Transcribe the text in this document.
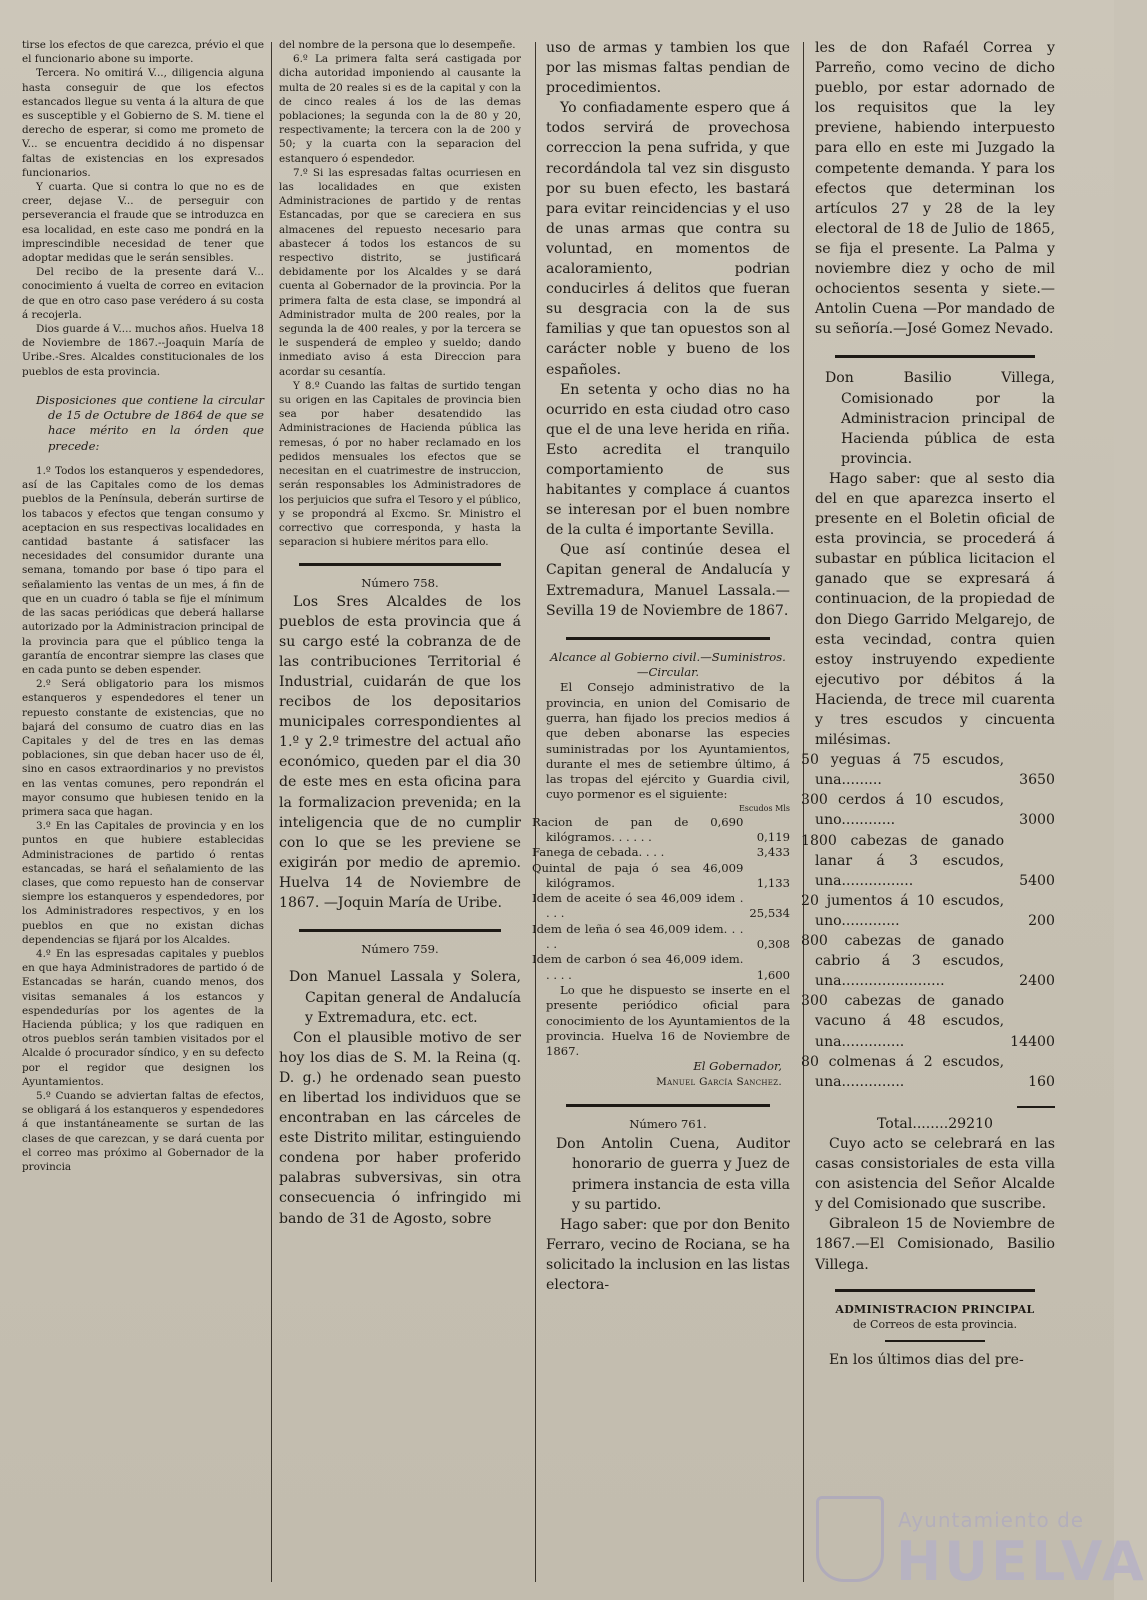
tirse los efectos de que carezca, prévio el que el funcionario abone su importe.

Tercera. No omitirá V..., diligencia alguna hasta conseguir de que los efectos estancados llegue su venta á la altura de que es susceptible y el Gobierno de S. M. tiene el derecho de esperar, si como me prometo de V... se encuentra decidido á no dispensar faltas de existencias en los expresados funcionarios.

Y cuarta. Que si contra lo que no es de creer, dejase V... de perseguir con perseverancia el fraude que se introduzca en esa localidad, en este caso me pondrá en la imprescindible necesidad de tener que adoptar medidas que le serán sensibles.

Del recibo de la presente dará V... conocimiento á vuelta de correo en evitacion de que en otro caso pase verédero á su costa á recojerla.

Dios guarde á V.... muchos años. Huelva 18 de Noviembre de 1867.--Joaquin María de Uribe.-Sres. Alcaldes constitucionales de los pueblos de esta provincia.

Disposiciones que contiene la circular de 15 de Octubre de 1864 de que se hace mérito en la órden que precede:

1.º Todos los estanqueros y espendedores, así de las Capitales como de los demas pueblos de la Península, deberán surtirse de los tabacos y efectos que tengan consumo y aceptacion en sus respectivas localidades en cantidad bastante á satisfacer las necesidades del consumidor durante una semana, tomando por base ó tipo para el señalamiento las ventas de un mes, á fin de que en un cuadro ó tabla se fije el mínimum de las sacas periódicas que deberá hallarse autorizado por la Administracion principal de la provincia para que el público tenga la garantía de encontrar siempre las clases que en cada punto se deben espender.

2.º Será obligatorio para los mismos estanqueros y espendedores el tener un repuesto constante de existencias, que no bajará del consumo de cuatro dias en las Capitales y del de tres en las demas poblaciones, sin que deban hacer uso de él, sino en casos extraordinarios y no previstos en las ventas comunes, pero repondrán el mayor consumo que hubiesen tenido en la primera saca que hagan.

3.º En las Capitales de provincia y en los puntos en que hubiere establecidas Administraciones de partido ó rentas estancadas, se hará el señalamiento de las clases, que como repuesto han de conservar siempre los estanqueros y espendedores, por los Administradores respectivos, y en los pueblos en que no existan dichas dependencias se fijará por los Alcaldes.

4.º En las espresadas capitales y pueblos en que haya Administradores de partido ó de Estancadas se harán, cuando menos, dos visitas semanales á los estancos y espendedurías por los agentes de la Hacienda pública; y los que radiquen en otros pueblos serán tambien visitados por el Alcalde ó procurador síndico, y en su defecto por el regidor que designen los Ayuntamientos.

5.º Cuando se adviertan faltas de efectos, se obligará á los estanqueros y espendedores á que instantáneamente se surtan de las clases de que carezcan, y se dará cuenta por el correo mas próximo al Gobernador de la provincia

del nombre de la persona que lo desempeñe.

6.º La primera falta será castigada por dicha autoridad imponiendo al causante la multa de 20 reales si es de la capital y con la de cinco reales á los de las demas poblaciones; la segunda con la de 80 y 20, respectivamente; la tercera con la de 200 y 50; y la cuarta con la separacion del estanquero ó espendedor.

7.º Si las espresadas faltas ocurriesen en las localidades en que existen Administraciones de partido y de rentas Estancadas, por que se careciera en sus almacenes del repuesto necesario para abastecer á todos los estancos de su respectivo distrito, se justificará debidamente por los Alcaldes y se dará cuenta al Gobernador de la provincia. Por la primera falta de esta clase, se impondrá al Administrador multa de 200 reales, por la segunda la de 400 reales, y por la tercera se le suspenderá de empleo y sueldo; dando inmediato aviso á esta Direccion para acordar su cesantía.

Y 8.º Cuando las faltas de surtido tengan su origen en las Capitales de provincia bien sea por haber desatendido las Administraciones de Hacienda pública las remesas, ó por no haber reclamado en los pedidos mensuales los efectos que se necesitan en el cuatrimestre de instruccion, serán responsables los Administradores de los perjuicios que sufra el Tesoro y el público, y se propondrá al Excmo. Sr. Ministro el correctivo que corresponda, y hasta la separacion si hubiere méritos para ello.

Número 758.

Los Sres Alcaldes de los pueblos de esta provincia que á su cargo esté la cobranza de de las contribuciones Territorial é Industrial, cuidarán de que los recibos de los depositarios municipales correspondientes al 1.º y 2.º trimestre del actual año económico, queden par el dia 30 de este mes en esta oficina para la formalizacion prevenida; en la inteligencia que de no cumplir con lo que se les previene se exigirán por medio de apremio. Huelva 14 de Noviembre de 1867. —Joquin María de Uribe.

Número 759.

Don Manuel Lassala y Solera, Capitan general de Andalucía y Extremadura, etc. ect.

Con el plausible motivo de ser hoy los dias de S. M. la Reina (q. D. g.) he ordenado sean puesto en libertad los individuos que se encontraban en las cárceles de este Distrito militar, estinguiendo condena por haber proferido palabras subversivas, sin otra consecuencia ó infringido mi bando de 31 de Agosto, sobre

uso de armas y tambien los que por las mismas faltas pendian de procedimientos.

Yo confiadamente espero que á todos servirá de provechosa correccion la pena sufrida, y que recordándola tal vez sin disgusto por su buen efecto, les bastará para evitar reincidencias y el uso de unas armas que contra su voluntad, en momentos de acaloramiento, podrian conducirles á delitos que fueran su desgracia con la de sus familias y que tan opuestos son al carácter noble y bueno de los españoles.

En setenta y ocho dias no ha ocurrido en esta ciudad otro caso que el de una leve herida en riña. Esto acredita el tranquilo comportamiento de sus habitantes y complace á cuantos se interesan por el buen nombre de la culta é importante Sevilla.

Que así continúe desea el Capitan general de Andalucía y Extremadura, Manuel Lassala.—Sevilla 19 de Noviembre de 1867.

Alcance al Gobierno civil.—Suministros.—Circular.

El Consejo administrativo de la provincia, en union del Comisario de guerra, han fijado los precios medios á que deben abonarse las especies suministradas por los Ayuntamientos, durante el mes de setiembre último, á las tropas del ejército y Guardia civil, cuyo pormenor es el siguiente:

Escudos Mls

Racion de pan de 0,690 kilógramos. . . . . .	0,119
Fanega de cebada. . . .	3,433
Quintal de paja ó sea 46,009 kilógramos.	1,133
Idem de aceite ó sea 46,009 idem . . . .	25,534
Idem de leña ó sea 46,009 idem. . . . .	0,308
Idem de carbon ó sea 46,009 idem. . . . .	1,600

Lo que he dispuesto se inserte en el presente periódico oficial para conocimiento de los Ayuntamientos de la provincia. Huelva 16 de Noviembre de 1867.

El Gobernador,

Manuel García Sanchez.

Número 761.

Don Antolin Cuena, Auditor honorario de guerra y Juez de primera instancia de esta villa y su partido.

Hago saber: que por don Benito Ferraro, vecino de Rociana, se ha solicitado la inclusion en las listas electora-

les de don Rafaél Correa y Parreño, como vecino de dicho pueblo, por estar adornado de los requisitos que la ley previene, habiendo interpuesto para ello en este mi Juzgado la competente demanda. Y para los efectos que determinan los artículos 27 y 28 de la ley electoral de 18 de Julio de 1865, se fija el presente. La Palma y noviembre diez y ocho de mil ochocientos sesenta y siete.—Antolin Cuena —Por mandado de su señoría.—José Gomez Nevado.

Don Basilio Villega, Comisionado por la Administracion principal de Hacienda pública de esta provincia.

Hago saber: que al sesto dia del en que aparezca inserto el presente en el Boletin oficial de esta provincia, se procederá á subastar en pública licitacion el ganado que se expresará á continuacion, de la propiedad de don Diego Garrido Melgarejo, de esta vecindad, contra quien estoy instruyendo expediente ejecutivo por débitos á la Hacienda, de trece mil cuarenta y tres escudos y cincuenta milésimas.

50 yeguas á 75 escudos, una.........	3650
300 cerdos á 10 escudos, uno............	3000
1800 cabezas de ganado lanar á 3 escudos, una................	5400
20 jumentos á 10 escudos, uno.............	200
800 cabezas de ganado cabrio á 3 escudos, una.......................	2400
300 cabezas de ganado vacuno á 48 escudos, una..............	14400
80 colmenas á 2 escudos, una..............	160

Total........29210

Cuyo acto se celebrará en las casas consistoriales de esta villa con asistencia del Señor Alcalde y del Comisionado que suscribe.

Gibraleon 15 de Noviembre de 1867.—El Comisionado, Basilio Villega.

ADMINISTRACION PRINCIPAL

de Correos de esta provincia.

En los últimos dias del pre-

Ayuntamiento de
HUELVA
